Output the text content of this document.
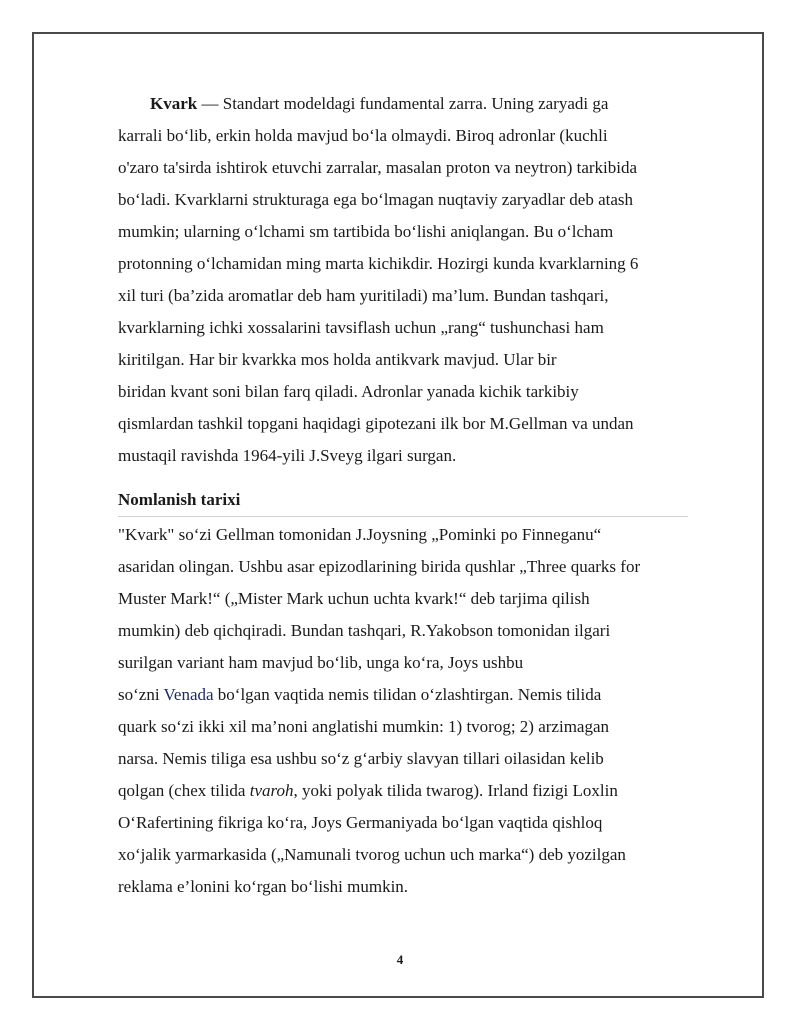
Kvark — Standart modeldagi fundamental zarra. Uning zaryadi ga
karrali bo‘lib, erkin holda mavjud bo‘la olmaydi. Biroq adronlar (kuchli
o'zaro ta'sirda ishtirok etuvchi zarralar, masalan proton va neytron) tarkibida
bo‘ladi. Kvarklarni strukturaga ega bo‘lmagan nuqtaviy zaryadlar deb atash
mumkin; ularning o‘lchami sm tartibida bo‘lishi aniqlangan. Bu o‘lcham
protonning o‘lchamidan ming marta kichikdir. Hozirgi kunda kvarklarning 6
xil turi (ba’zida aromatlar deb ham yuritiladi) ma’lum. Bundan tashqari,
kvarklarning ichki xossalarini tavsiflash uchun „rang“ tushunchasi ham
kiritilgan. Har bir kvarkka mos holda antikvark mavjud. Ular bir
biridan kvant soni bilan farq qiladi. Adronlar yanada kichik tarkibiy
qismlardan tashkil topgani haqidagi gipotezani ilk bor M.Gellman va undan
mustaqil ravishda 1964-yili J.Sveyg ilgari surgan.
Nomlanish tarixi
"Kvark" so‘zi Gellman tomonidan J.Joysning „Pominki po Finneganu“
asaridan olingan. Ushbu asar epizodlarining birida qushlar „Three quarks for
Muster Mark!“ („Mister Mark uchun uchta kvark!“ deb tarjima qilish
mumkin) deb qichqiradi. Bundan tashqari, R.Yakobson tomonidan ilgari
surilgan variant ham mavjud bo‘lib, unga ko‘ra, Joys ushbu
so‘zni Venada bo‘lgan vaqtida nemis tilidan o‘zlashtirgan. Nemis tilida
quark so‘zi ikki xil ma’noni anglatishi mumkin: 1) tvorog; 2) arzimagan
narsa. Nemis tiliga esa ushbu so‘z g‘arbiy slavyan tillari oilasidan kelib
qolgan (chex tilida tvaroh, yoki polyak tilida twarog). Irland fizigi Loxlin
O‘Rafertining fikriga ko‘ra, Joys Germaniyada bo‘lgan vaqtida qishloq
xo‘jalik yarmarkasida („Namunali tvorog uchun uch marka“) deb yozilgan
reklama e’lonini ko‘rgan bo‘lishi mumkin.
4
